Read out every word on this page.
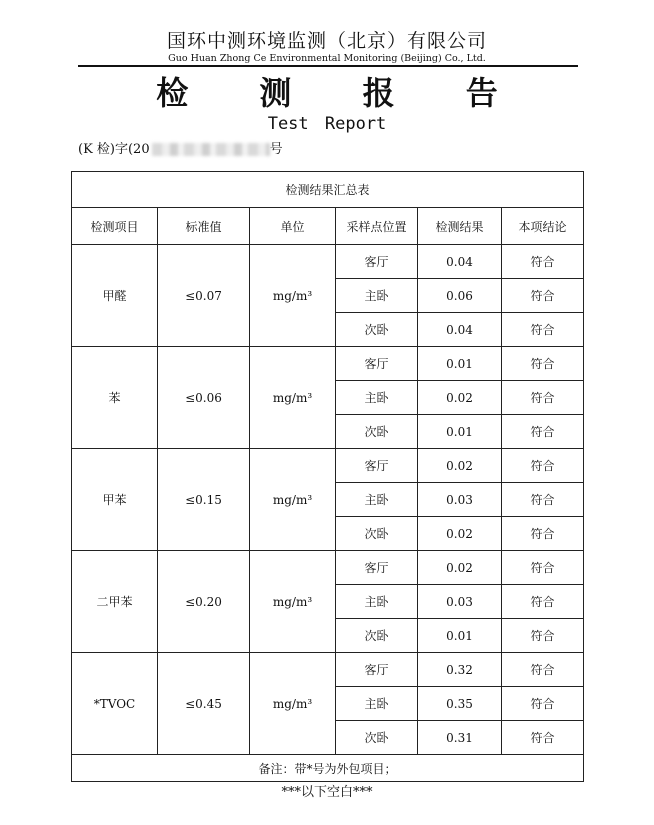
国环中测环境监测（北京）有限公司
Guo Huan Zhong Ce Environmental Monitoring (Beijing) Co., Ltd.
检 测 报 告
Test Report
(K 检)字(20	号
检测结果汇总表					
检测项目	标准值	单位	采样点位置	检测结果	本项结论
甲醛	≤0.07	mg/m³	客厅	0.04	符合
			主卧	0.06	符合
			次卧	0.04	符合
苯	≤0.06	mg/m³	客厅	0.01	符合
			主卧	0.02	符合
			次卧	0.01	符合
甲苯	≤0.15	mg/m³	客厅	0.02	符合
			主卧	0.03	符合
			次卧	0.02	符合
二甲苯	≤0.20	mg/m³	客厅	0.02	符合
			主卧	0.03	符合
			次卧	0.01	符合
*TVOC	≤0.45	mg/m³	客厅	0.32	符合
			主卧	0.35	符合
			次卧	0.31	符合
备注：带*号为外包项目；					
***以下空白***
